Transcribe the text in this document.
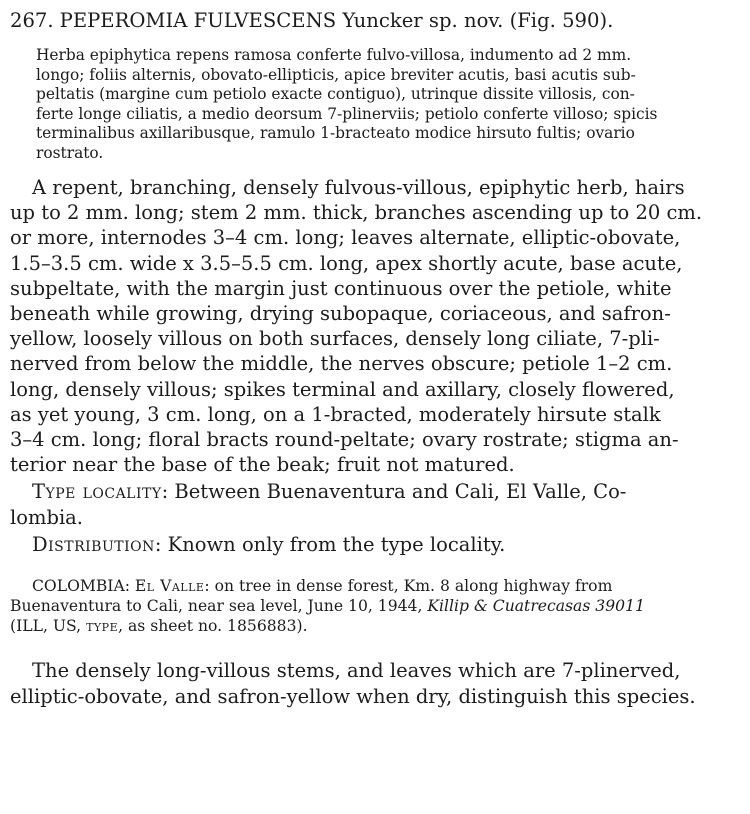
267. PEPEROMIA FULVESCENS Yuncker sp. nov. (Fig. 590).
Herba epiphytica repens ramosa conferte fulvo-villosa, indumento ad 2 mm.
longo; foliis alternis, obovato-ellipticis, apice breviter acutis, basi acutis sub-
peltatis (margine cum petiolo exacte contiguo), utrinque dissite villosis, con-
ferte longe ciliatis, a medio deorsum 7-plinerviis; petiolo conferte villoso; spicis
terminalibus axillaribusque, ramulo 1-bracteato modice hirsuto fultis; ovario
rostrato.
A repent, branching, densely fulvous-villous, epiphytic herb, hairs
up to 2 mm. long; stem 2 mm. thick, branches ascending up to 20 cm.
or more, internodes 3–4 cm. long; leaves alternate, elliptic-obovate,
1.5–3.5 cm. wide x 3.5–5.5 cm. long, apex shortly acute, base acute,
subpeltate, with the margin just continuous over the petiole, white
beneath while growing, drying subopaque, coriaceous, and safron-
yellow, loosely villous on both surfaces, densely long ciliate, 7-pli-
nerved from below the middle, the nerves obscure; petiole 1–2 cm.
long, densely villous; spikes terminal and axillary, closely flowered,
as yet young, 3 cm. long, on a 1-bracted, moderately hirsute stalk
3–4 cm. long; floral bracts round-peltate; ovary rostrate; stigma an-
terior near the base of the beak; fruit not matured.
Type locality: Between Buenaventura and Cali, El Valle, Co-
lombia.
Distribution: Known only from the type locality.
COLOMBIA: El Valle: on tree in dense forest, Km. 8 along highway from
Buenaventura to Cali, near sea level, June 10, 1944, Killip & Cuatrecasas 39011
(ILL, US, type, as sheet no. 1856883).
The densely long-villous stems, and leaves which are 7-plinerved,
elliptic-obovate, and safron-yellow when dry, distinguish this species.
